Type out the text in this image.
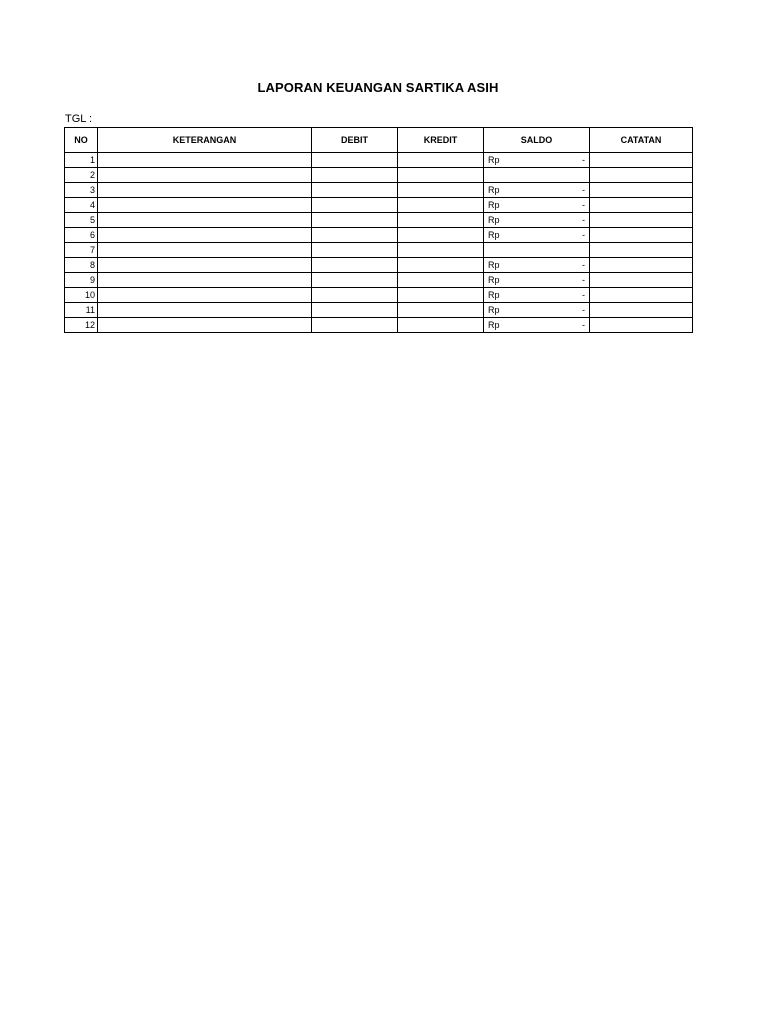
LAPORAN KEUANGAN SARTIKA ASIH
TGL :
NO	KETERANGAN	DEBIT	KREDIT	SALDO	CATATAN
1				Rp -	

2				

3				Rp -	

4				Rp -	

5				Rp -	

6				Rp -	

7				

8				Rp -	

9				Rp -	

10				Rp -	

11				Rp -	

12				Rp -	
